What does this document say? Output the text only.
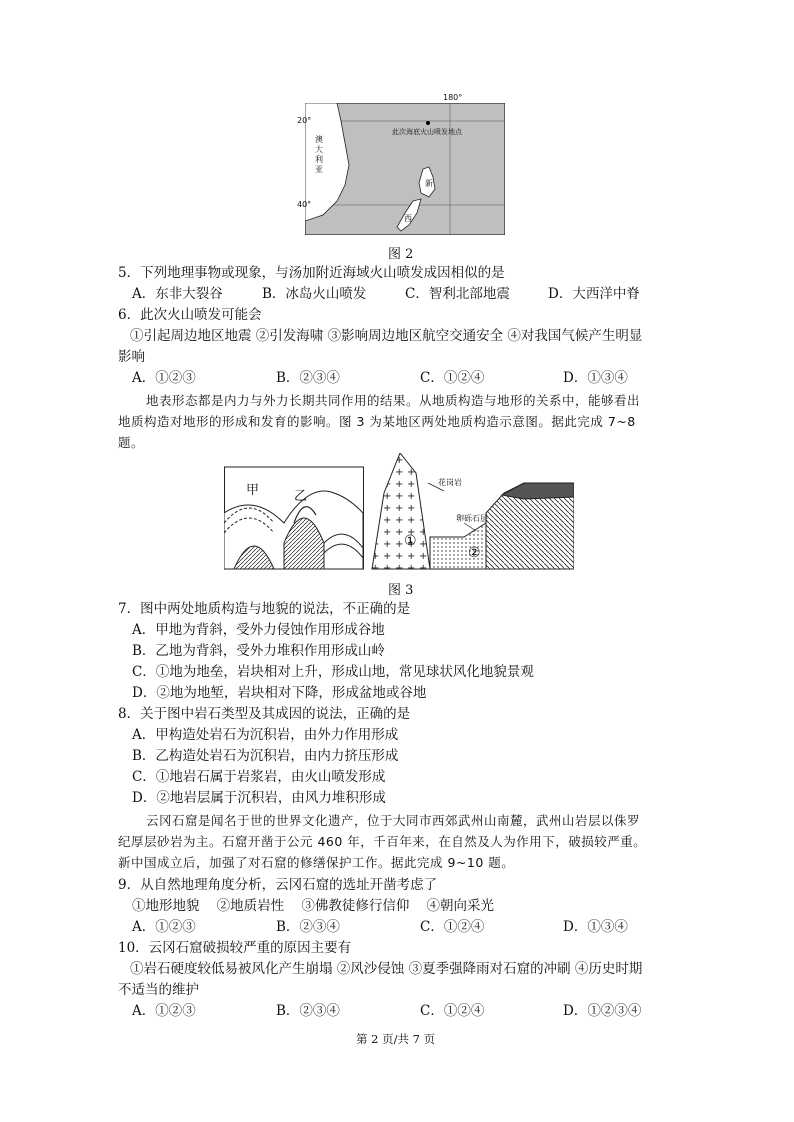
20°
40°
180°
澳
大
利
亚
此次海底火山喷发地点
新
西
图 2
5．下列地理事物或现象，与汤加附近海域火山喷发成因相似的是
A．东非大裂谷	B．冰岛火山喷发	C．智利北部地震	D．大西洋中脊
6．此次火山喷发可能会
①引起周边地区地震 ②引发海啸 ③影响周边地区航空交通安全 ④对我国气候产生明显
影响
A．①②③	B．②③④	C．①②④	D．①③④
地表形态都是内力与外力长期共同作用的结果。从地质构造与地形的关系中，能够看出
地质构造对地形的形成和发育的影响。图 3 为某地区两处地质构造示意图。据此完成 7~8
题。
甲	乙
花岗岩
卵砾石层
①
②
图 3
7．图中两处地质构造与地貌的说法，不正确的是
A．甲地为背斜，受外力侵蚀作用形成谷地
B．乙地为背斜，受外力堆积作用形成山岭
C．①地为地垒，岩块相对上升，形成山地，常见球状风化地貌景观
D．②地为地堑，岩块相对下降，形成盆地或谷地
8．关于图中岩石类型及其成因的说法，正确的是
A．甲构造处岩石为沉积岩，由外力作用形成
B．乙构造处岩石为沉积岩，由内力挤压形成
C．①地岩石属于岩浆岩，由火山喷发形成
D．②地岩层属于沉积岩，由风力堆积形成
云冈石窟是闻名于世的世界文化遗产，位于大同市西郊武州山南麓，武州山岩层以侏罗
纪厚层砂岩为主。石窟开凿于公元 460 年，千百年来，在自然及人为作用下，破损较严重。
新中国成立后，加强了对石窟的修缮保护工作。据此完成 9~10 题。
9．从自然地理角度分析，云冈石窟的选址开凿考虑了
①地形地貌    ②地质岩性    ③佛教徒修行信仰    ④朝向采光
A．①②③	B．②③④	C．①②④	D．①③④
10．云冈石窟破损较严重的原因主要有
①岩石硬度较低易被风化产生崩塌 ②风沙侵蚀 ③夏季强降雨对石窟的冲刷 ④历史时期
不适当的维护
A．①②③	B．②③④	C．①②④	D．①②③④
第 2 页/共 7 页
